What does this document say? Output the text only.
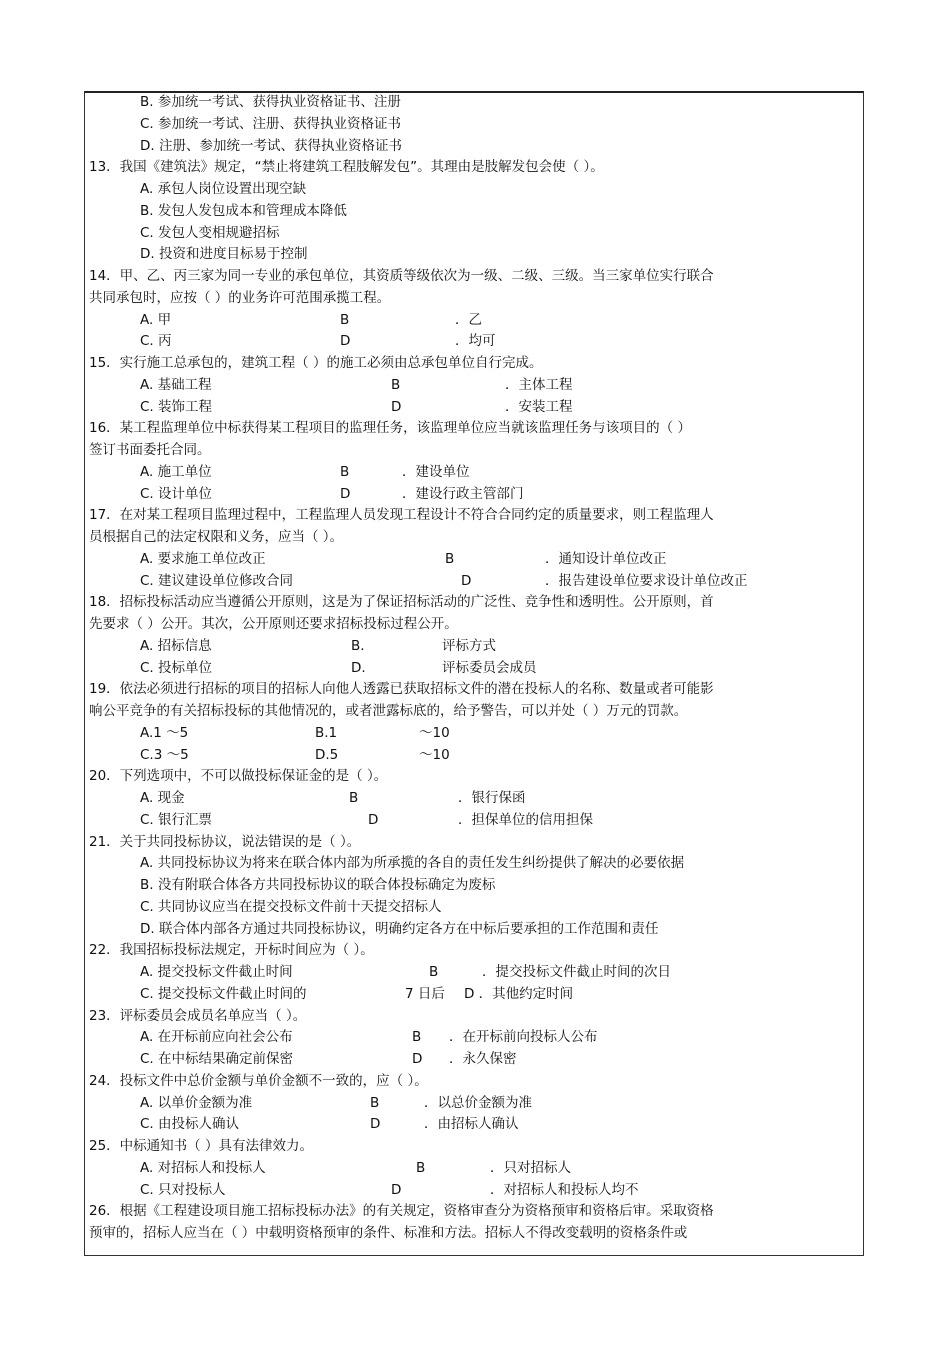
B. 参加统一考试、获得执业资格证书、注册
C. 参加统一考试、注册、获得执业资格证书
D. 注册、参加统一考试、获得执业资格证书
13．我国《建筑法》规定，“禁止将建筑工程肢解发包”。其理由是肢解发包会使（ ）。
A. 承包人岗位设置出现空缺
B. 发包人发包成本和管理成本降低
C. 发包人变相规避招标
D. 投资和进度目标易于控制
14．甲、乙、丙三家为同一专业的承包单位，其资质等级依次为一级、二级、三级。当三家单位实行联合
共同承包时，应按（ ）的业务许可范围承揽工程。
A. 甲	B	．乙
C. 丙	D	．均可
15．实行施工总承包的，建筑工程（ ）的施工必须由总承包单位自行完成。
A. 基础工程	B	．主体工程
C. 装饰工程	D	．安装工程
16．某工程监理单位中标获得某工程项目的监理任务，该监理单位应当就该监理任务与该项目的（ ）
签订书面委托合同。
A. 施工单位	B	．建设单位
C. 设计单位	D	．建设行政主管部门
17．在对某工程项目监理过程中，工程监理人员发现工程设计不符合合同约定的质量要求，则工程监理人
员根据自己的法定权限和义务，应当（ ）。
A. 要求施工单位改正	B	．通知设计单位改正
C. 建议建设单位修改合同	D	．报告建设单位要求设计单位改正
18．招标投标活动应当遵循公开原则，这是为了保证招标活动的广泛性、竞争性和透明性。公开原则，首
先要求（ ）公开。其次，公开原则还要求招标投标过程公开。
A. 招标信息	B.	评标方式
C. 投标单位	D.	评标委员会成员
19．依法必须进行招标的项目的招标人向他人透露已获取招标文件的潜在投标人的名称、数量或者可能影
响公平竞争的有关招标投标的其他情况的，或者泄露标底的，给予警告，可以并处（ ）万元的罚款。
A.1 ～5	B.1	～10
C.3 ～5	D.5	～10
20．下列选项中，不可以做投标保证金的是（ ）。
A. 现金	B	．银行保函
C. 银行汇票	D	．担保单位的信用担保
21．关于共同投标协议，说法错误的是（ ）。
A. 共同投标协议为将来在联合体内部为所承揽的各自的责任发生纠纷提供了解决的必要依据
B. 没有附联合体各方共同投标协议的联合体投标确定为废标
C. 共同协议应当在提交投标文件前十天提交招标人
D. 联合体内部各方通过共同投标协议，明确约定各方在中标后要承担的工作范围和责任
22．我国招标投标法规定，开标时间应为（ ）。
A. 提交投标文件截止时间	B	．提交投标文件截止时间的次日
C. 提交投标文件截止时间的	7 日后 D ．其他约定时间
23．评标委员会成员名单应当（ ）。
A. 在开标前应向社会公布	B ．在开标前向投标人公布
C. 在中标结果确定前保密	D ．永久保密
24．投标文件中总价金额与单价金额不一致的，应（ ）。
A. 以单价金额为准	B	．以总价金额为准
C. 由投标人确认	D	．由招标人确认
25．中标通知书（ ）具有法律效力。
A. 对招标人和投标人	B	．只对招标人
C. 只对投标人	D	．对招标人和投标人均不
26．根据《工程建设项目施工招标投标办法》的有关规定，资格审查分为资格预审和资格后审。采取资格
预审的，招标人应当在（ ）中载明资格预审的条件、标准和方法。招标人不得改变载明的资格条件或
